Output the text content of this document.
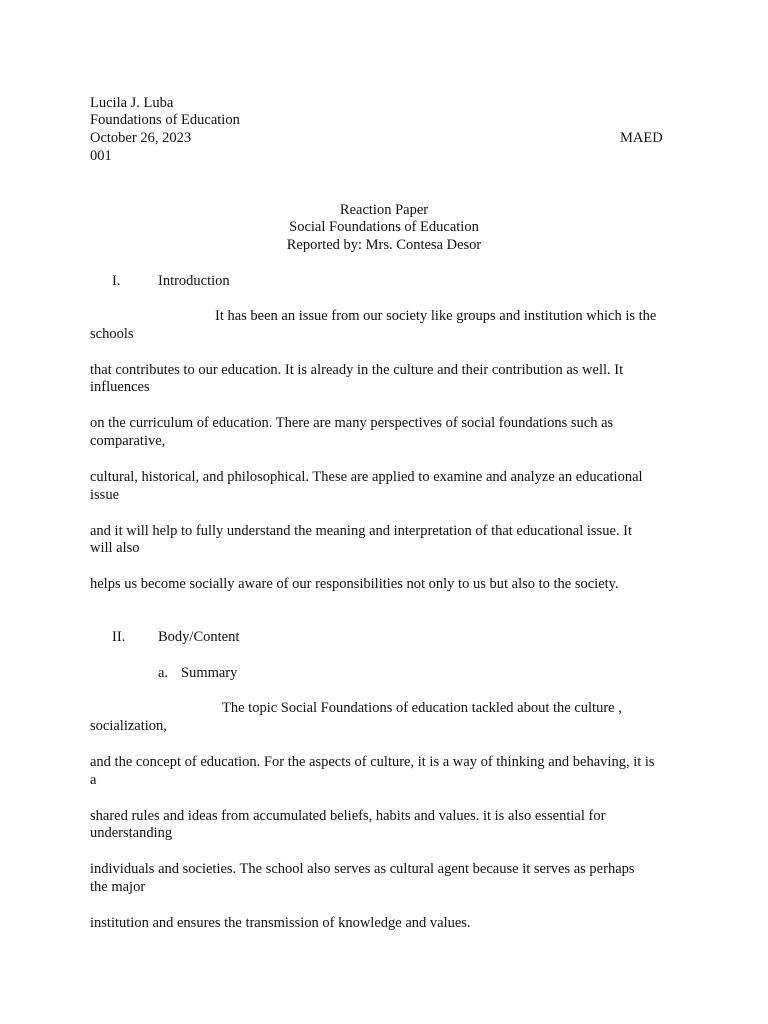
Lucila J. Luba
Foundations of Education
October 26, 2023	MAED
001
Reaction Paper
Social Foundations of Education
Reported by: Mrs. Contesa Desor
I.	Introduction
It has been an issue from our society like groups and institution which is the
schools
that contributes to our education. It is already in the culture and their contribution as well. It
influences
on the curriculum of education. There are many perspectives of social foundations such as
comparative,
cultural, historical, and philosophical. These are applied to examine and analyze an educational
issue
and it will help to fully understand the meaning and interpretation of that educational issue. It
will also
helps us become socially aware of our responsibilities not only to us but also to the society.
II. Body/Content
a. Summary
The topic Social Foundations of education tackled about the culture ,
socialization,
and the concept of education. For the aspects of culture, it is a way of thinking and behaving, it is
a
shared rules and ideas from accumulated beliefs, habits and values. it is also essential for
understanding
individuals and societies. The school also serves as cultural agent because it serves as perhaps
the major
institution and ensures the transmission of knowledge and values.
